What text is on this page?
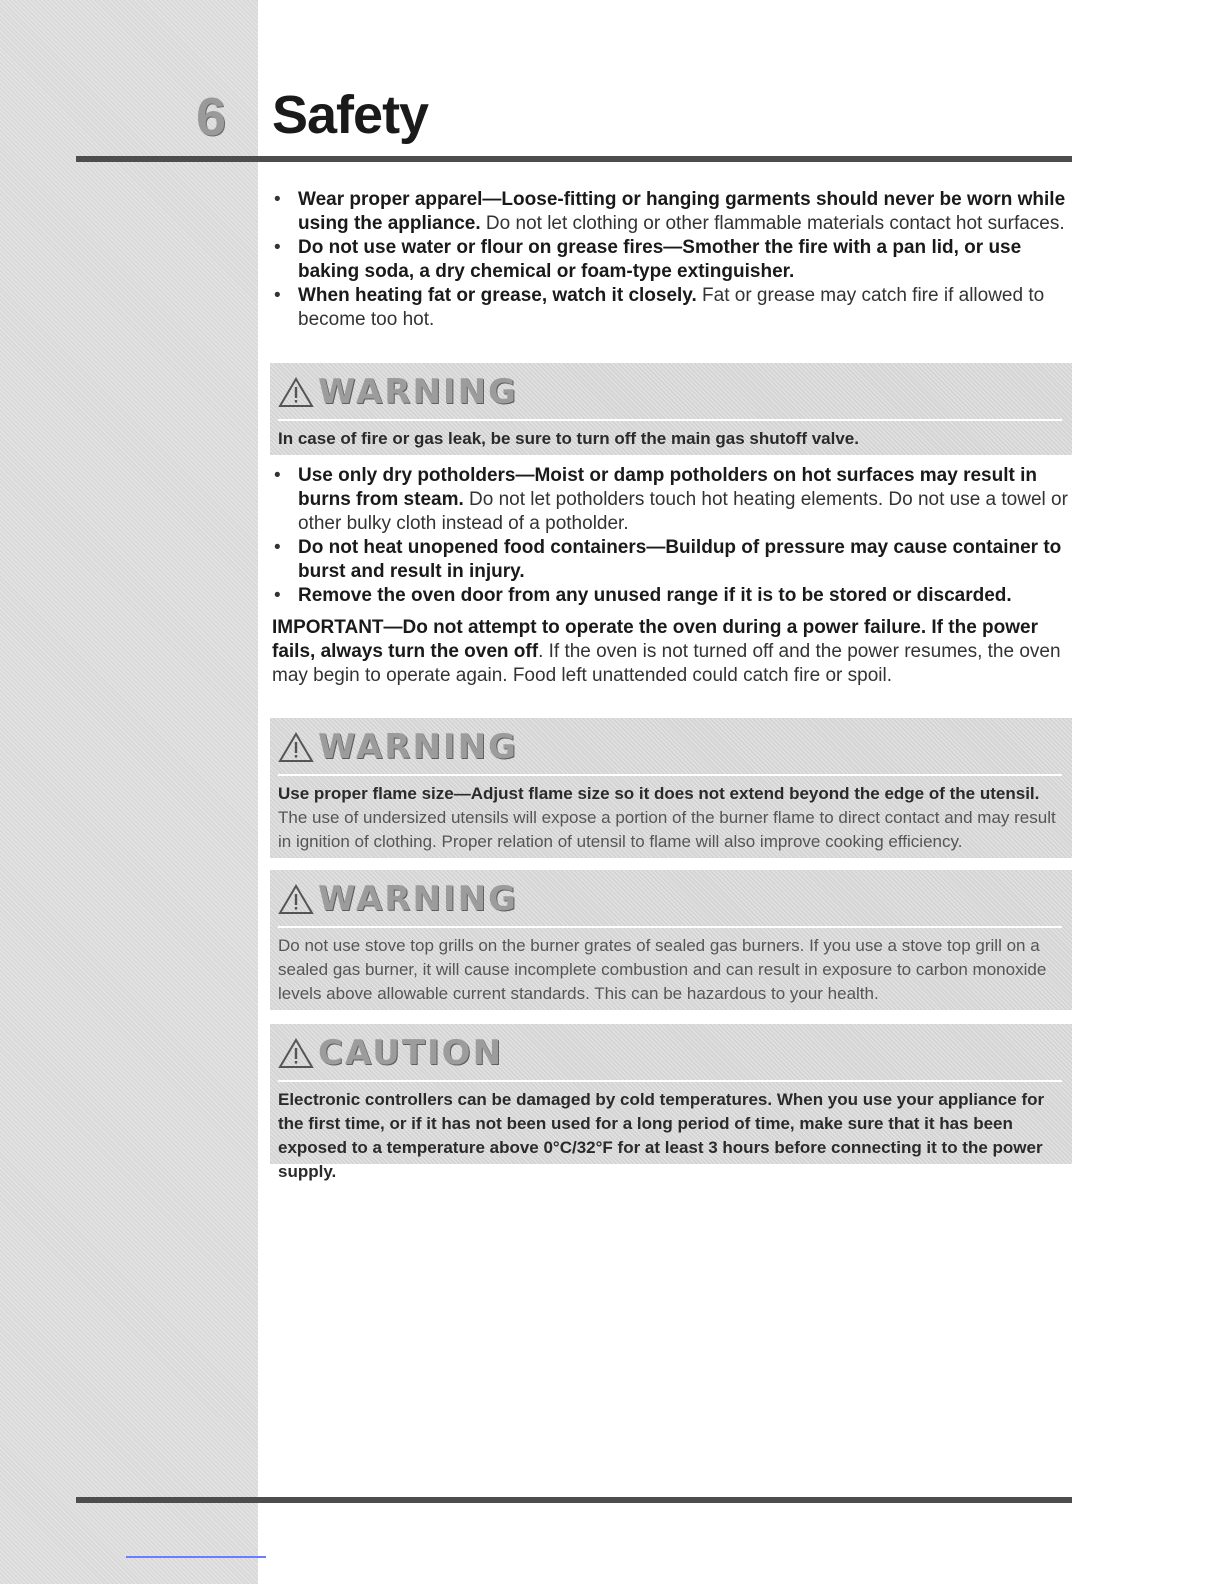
6 Safety
• Wear proper apparel—Loose-fitting or hanging garments should never be worn while using the appliance. Do not let clothing or other flammable materials contact hot surfaces.
• Do not use water or flour on grease fires—Smother the fire with a pan lid, or use baking soda, a dry chemical or foam-type extinguisher.
• When heating fat or grease, watch it closely. Fat or grease may catch fire if allowed to become too hot.
WARNING
In case of fire or gas leak, be sure to turn off the main gas shutoff valve.
• Use only dry potholders—Moist or damp potholders on hot surfaces may result in burns from steam. Do not let potholders touch hot heating elements. Do not use a towel or other bulky cloth instead of a potholder.
• Do not heat unopened food containers—Buildup of pressure may cause container to burst and result in injury.
• Remove the oven door from any unused range if it is to be stored or discarded.

IMPORTANT—Do not attempt to operate the oven during a power failure. If the power fails, always turn the oven off. If the oven is not turned off and the power resumes, the oven may begin to operate again. Food left unattended could catch fire or spoil.

WARNING
Use proper flame size—Adjust flame size so it does not extend beyond the edge of the utensil. The use of undersized utensils will expose a portion of the burner flame to direct contact and may result in ignition of clothing. Proper relation of utensil to flame will also improve cooking efficiency.
WARNING
Do not use stove top grills on the burner grates of sealed gas burners. If you use a stove top grill on a sealed gas burner, it will cause incomplete combustion and can result in exposure to carbon monoxide levels above allowable current standards. This can be hazardous to your health.
CAUTION
Electronic controllers can be damaged by cold temperatures. When you use your appliance for the first time, or if it has not been used for a long period of time, make sure that it has been exposed to a temperature above 0°C/32°F for at least 3 hours before connecting it to the power supply.
